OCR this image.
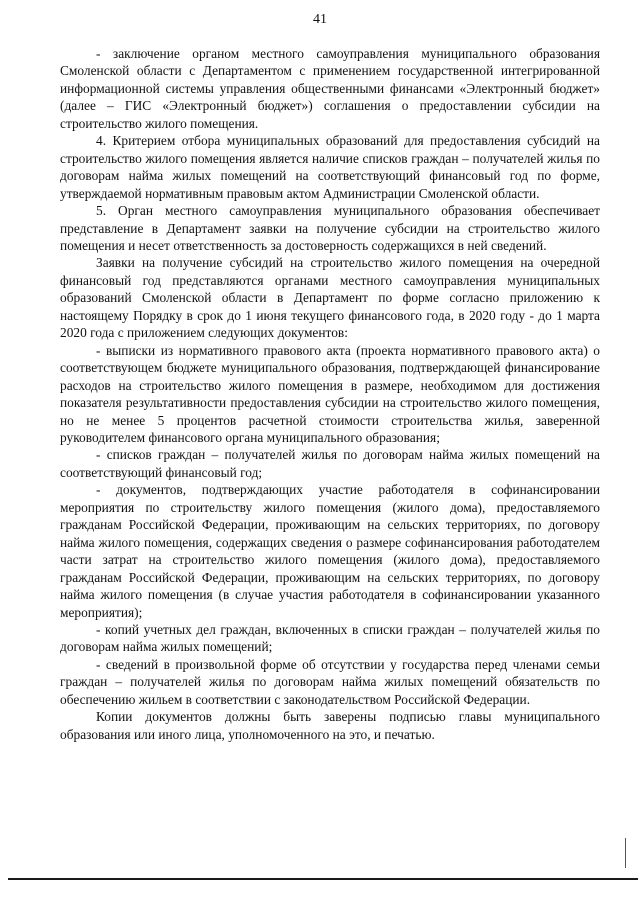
41

- заключение органом местного самоуправления муниципального образования Смоленской области с Департаментом с применением государственной интегрированной информационной системы управления общественными финансами «Электронный бюджет» (далее – ГИС «Электронный бюджет») соглашения о предоставлении субсидии на строительство жилого помещения.

4. Критерием отбора муниципальных образований для предоставления субсидий на строительство жилого помещения является наличие списков граждан – получателей жилья по договорам найма жилых помещений на соответствующий финансовый год по форме, утверждаемой нормативным правовым актом Администрации Смоленской области.

5. Орган местного самоуправления муниципального образования обеспечивает представление в Департамент заявки на получение субсидии на строительство жилого помещения и несет ответственность за достоверность содержащихся в ней сведений.

Заявки на получение субсидий на строительство жилого помещения на очередной финансовый год представляются органами местного самоуправления муниципальных образований Смоленской области в Департамент по форме согласно приложению к настоящему Порядку в срок до 1 июня текущего финансового года, в 2020 году - до 1 марта 2020 года с приложением следующих документов:

- выписки из нормативного правового акта (проекта нормативного правового акта) о соответствующем бюджете муниципального образования, подтверждающей финансирование расходов на строительство жилого помещения в размере, необходимом для достижения показателя результативности предоставления субсидии на строительство жилого помещения, но не менее 5 процентов расчетной стоимости строительства жилья, заверенной руководителем финансового органа муниципального образования;

- списков граждан – получателей жилья по договорам найма жилых помещений на соответствующий финансовый год;

- документов, подтверждающих участие работодателя в софинансировании мероприятия по строительству жилого помещения (жилого дома), предоставляемого гражданам Российской Федерации, проживающим на сельских территориях, по договору найма жилого помещения, содержащих сведения о размере софинансирования работодателем части затрат на строительство жилого помещения (жилого дома), предоставляемого гражданам Российской Федерации, проживающим на сельских территориях, по договору найма жилого помещения (в случае участия работодателя в софинансировании указанного мероприятия);

- копий учетных дел граждан, включенных в списки граждан – получателей жилья по договорам найма жилых помещений;

- сведений в произвольной форме об отсутствии у государства перед членами семьи граждан – получателей жилья по договорам найма жилых помещений обязательств по обеспечению жильем в соответствии с законодательством Российской Федерации.

Копии документов должны быть заверены подписью главы муниципального образования или иного лица, уполномоченного на это, и печатью.
